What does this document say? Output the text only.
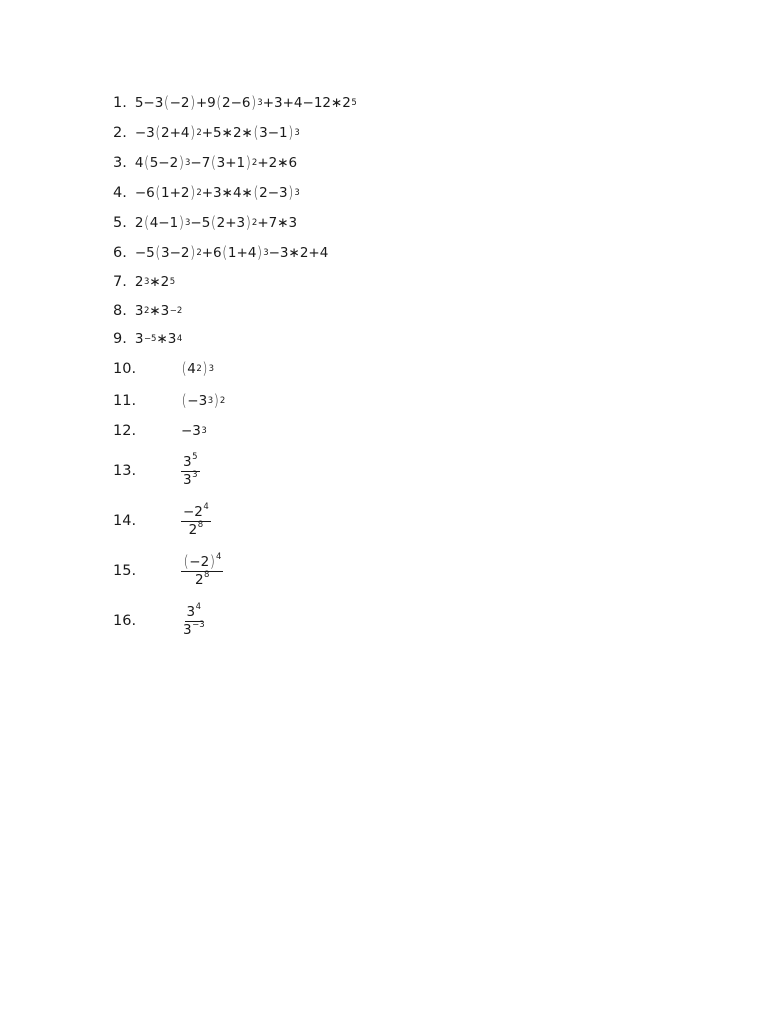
1. 5−3 ( −2 ) +9 ( 2−6 ) 3 +3+4−12∗2 5
2. −3 ( 2+4 ) 2 +5∗2∗ ( 3−1 ) 3
3. 4 ( 5−2 ) 3 −7 ( 3+1 ) 2 +2∗6
4. −6 ( 1+2 ) 2 +3∗4∗ ( 2−3 ) 3
5. 2 ( 4−1 ) 3 −5 ( 2+3 ) 2 +7∗3
6. −5 ( 3−2 ) 2 +6 ( 1+4 ) 3 −3∗2+4
7. 2 3 ∗2 5
8. 3 2 ∗3 −2
9. 3 −5 ∗3 4
10.	( 4 2 ) 3
11.	( −3 3 ) 2
12.	−3 3
13.	$\frac{35}{33}$
14.	$\frac{-24}{28}$
15.	$\frac{(-2)4}{28}$
16.	$\frac{34}{3-3}$
